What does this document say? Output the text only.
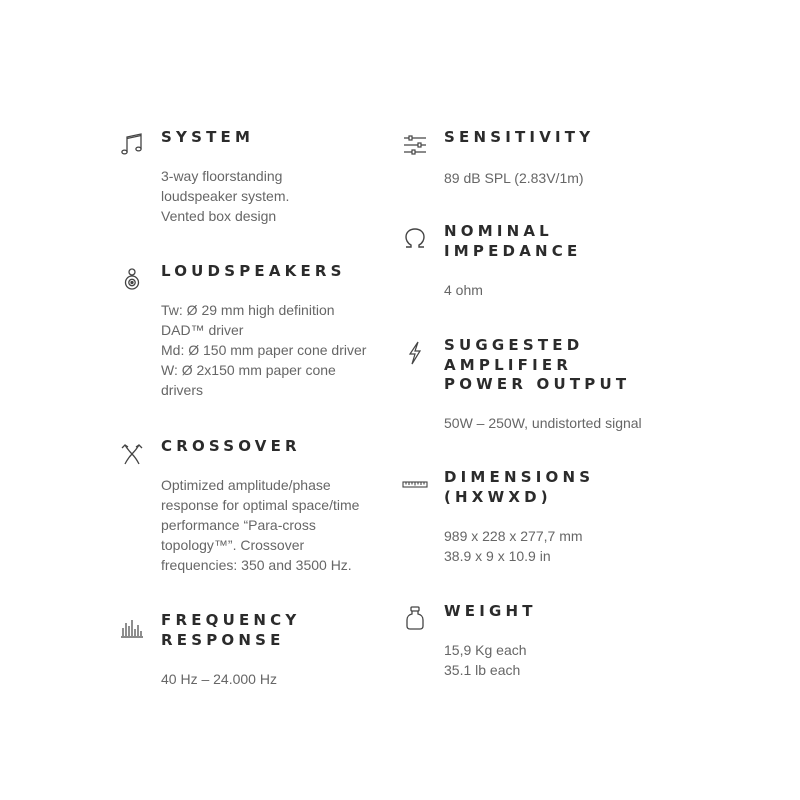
SYSTEM
3-way floorstanding
loudspeaker system.
Vented box design
LOUDSPEAKERS
Tw: Ø 29 mm high definition
DAD™ driver
Md: Ø 150 mm paper cone driver
W: Ø 2x150 mm paper cone
drivers
CROSSOVER
Optimized amplitude/phase
response for optimal space/time
performance “Para-cross
topology™”. Crossover
frequencies: 350 and 3500 Hz.
FREQUENCY
RESPONSE
40 Hz – 24.000 Hz
SENSITIVITY
89 dB SPL (2.83V/1m)
NOMINAL
IMPEDANCE
4 ohm
SUGGESTED
AMPLIFIER
POWER OUTPUT
50W – 250W, undistorted signal
DIMENSIONS
(HXWXD)
989 x 228 x 277,7 mm
38.9 x 9 x 10.9 in
WEIGHT
15,9 Kg each
35.1 lb each
